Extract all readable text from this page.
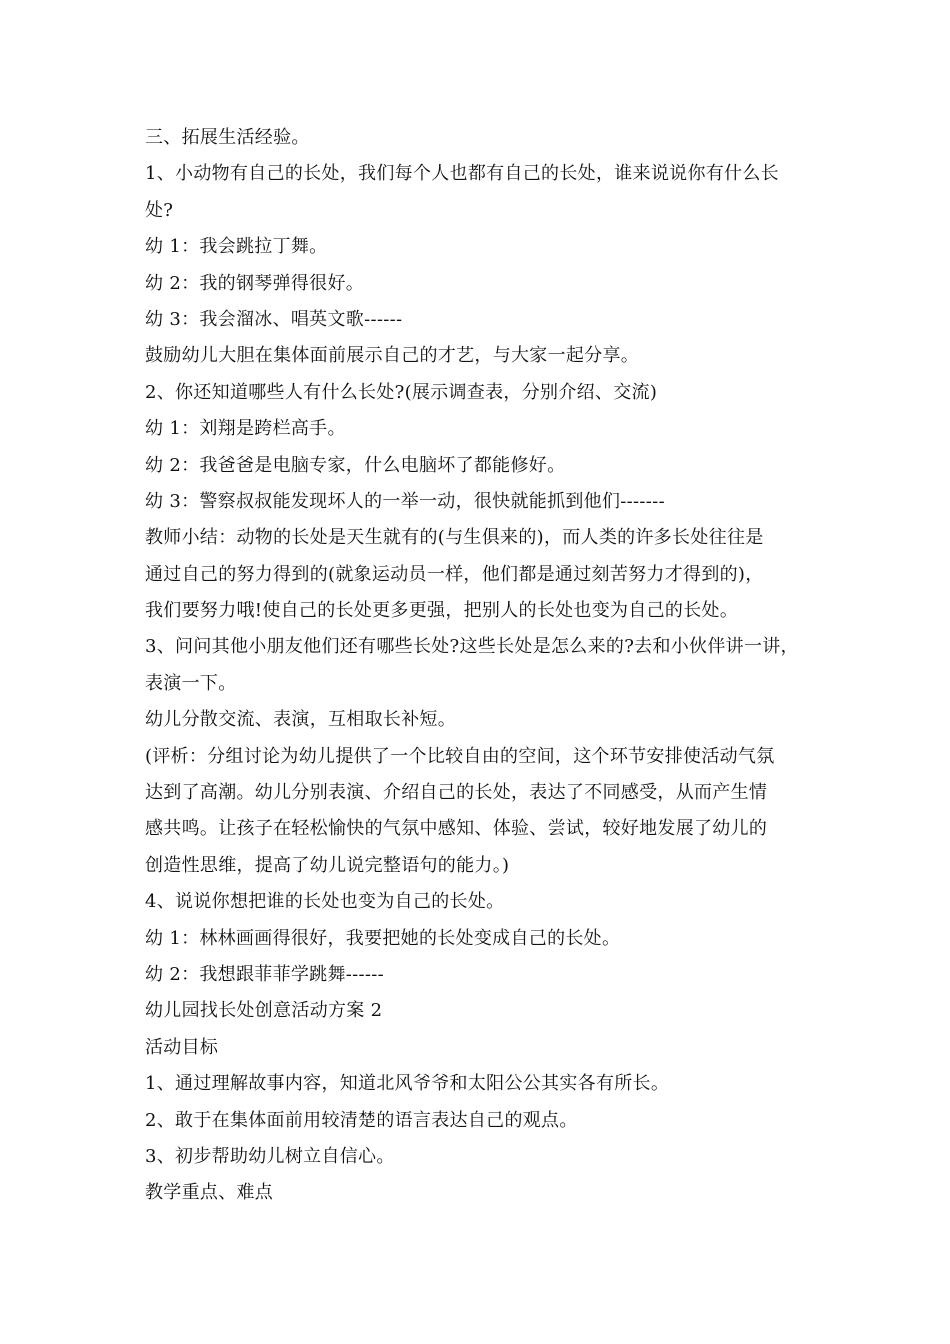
三、拓展生活经验。
1、小动物有自己的长处，我们每个人也都有自己的长处，谁来说说你有什么长
处?
幼 1：我会跳拉丁舞。
幼 2：我的钢琴弹得很好。
幼 3：我会溜冰、唱英文歌------
鼓励幼儿大胆在集体面前展示自己的才艺，与大家一起分享。
2、你还知道哪些人有什么长处?(展示调查表，分别介绍、交流)
幼 1：刘翔是跨栏高手。
幼 2：我爸爸是电脑专家，什么电脑坏了都能修好。
幼 3：警察叔叔能发现坏人的一举一动，很快就能抓到他们-------
教师小结：动物的长处是天生就有的(与生俱来的)，而人类的许多长处往往是
通过自己的努力得到的(就象运动员一样，他们都是通过刻苦努力才得到的)，
我们要努力哦!使自己的长处更多更强，把别人的长处也变为自己的长处。
3、问问其他小朋友他们还有哪些长处?这些长处是怎么来的?去和小伙伴讲一讲，
表演一下。
幼儿分散交流、表演，互相取长补短。
(评析：分组讨论为幼儿提供了一个比较自由的空间，这个环节安排使活动气氛
达到了高潮。幼儿分别表演、介绍自己的长处，表达了不同感受，从而产生情
感共鸣。让孩子在轻松愉快的气氛中感知、体验、尝试，较好地发展了幼儿的
创造性思维，提高了幼儿说完整语句的能力。)
4、说说你想把谁的长处也变为自己的长处。
幼 1：林林画画得很好，我要把她的长处变成自己的长处。
幼 2：我想跟菲菲学跳舞------
幼儿园找长处创意活动方案 2
活动目标
1、通过理解故事内容，知道北风爷爷和太阳公公其实各有所长。
2、敢于在集体面前用较清楚的语言表达自己的观点。
3、初步帮助幼儿树立自信心。
教学重点、难点
